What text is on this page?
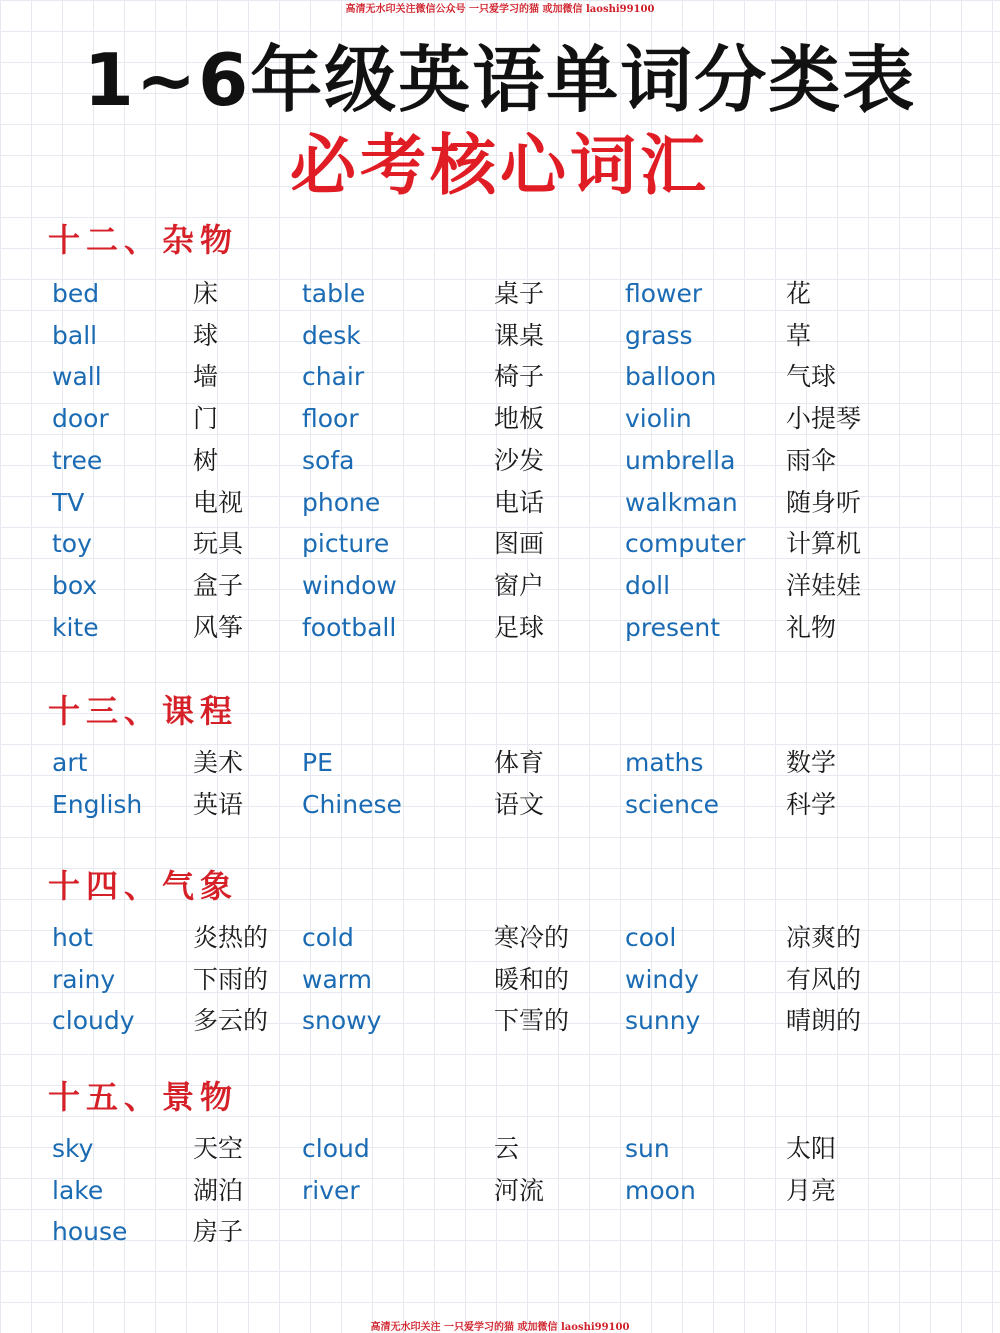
高清无水印关注微信公众号 一只爱学习的猫 或加微信 laoshi99100
1~6年级英语单词分类表
必考核心词汇
十二、杂物
bed	床	table	桌子	flower	花
ball	球	desk	课桌	grass	草
wall	墙	chair	椅子	balloon	气球
door	门	floor	地板	violin	小提琴
tree	树	sofa	沙发	umbrella 雨伞
TV	电视 phone	电话	walkman 随身听
toy	玩具 picture	图画	computer 计算机
box	盒子 window	窗户	doll	洋娃娃
kite	风筝 football	足球	present	礼物
十三、课程
art	美术 PE	体育	maths	数学
English 英语 Chinese	语文	science	科学
十四、气象
hot	炎热的 cold	寒冷的 cool	凉爽的
rainy	下雨的 warm	暖和的 windy	有风的
cloudy 多云的 snowy	下雪的 sunny	晴朗的
十五、景物
sky	天空 cloud	云	sun	太阳
lake	湖泊 river	河流	moon	月亮
house	房子
高清无水印关注 一只爱学习的猫 或加微信 laoshi99100
